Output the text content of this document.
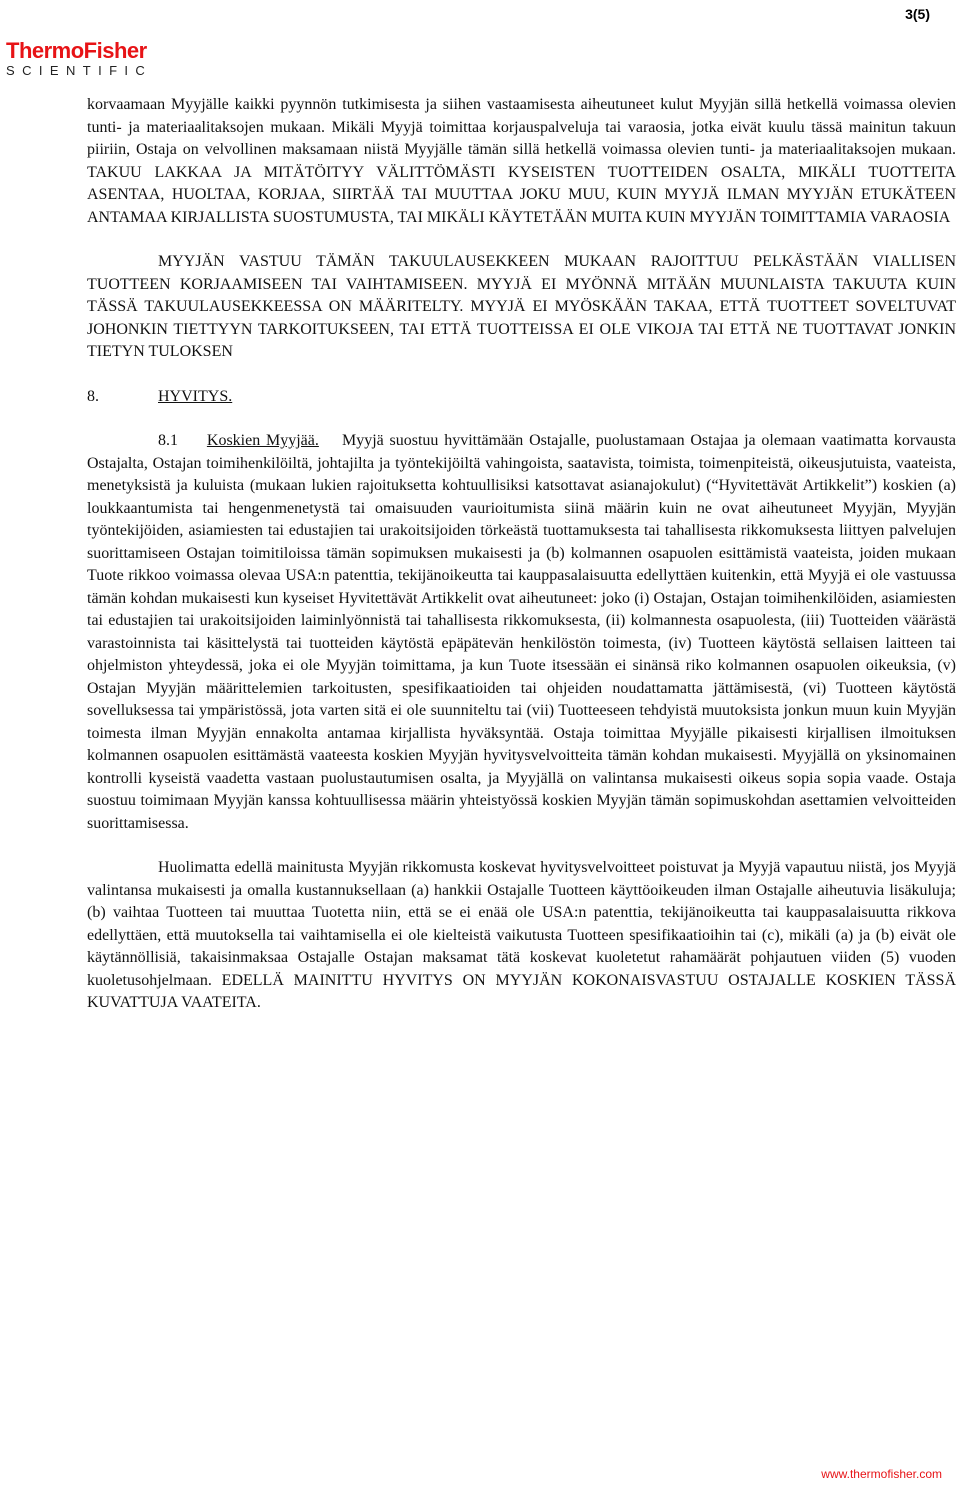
3(5)
ThermoFisher
SCIENTIFIC

korvaamaan Myyjälle kaikki pyynnön tutkimisesta ja siihen vastaamisesta aiheutuneet kulut Myyjän sillä hetkellä voimassa olevien tunti- ja materiaalitaksojen mukaan. Mikäli Myyjä toimittaa korjauspalveluja tai varaosia, jotka eivät kuulu tässä mainitun takuun piiriin, Ostaja on velvollinen maksamaan niistä Myyjälle tämän sillä hetkellä voimassa olevien tunti- ja materiaalitaksojen mukaan. TAKUU LAKKAA JA MITÄTÖITYY VÄLITTÖMÄSTI KYSEISTEN TUOTTEIDEN OSALTA, MIKÄLI TUOTTEITA ASENTAA, HUOLTAA, KORJAA, SIIRTÄÄ TAI MUUTTAA JOKU MUU, KUIN MYYJÄ ILMAN MYYJÄN ETUKÄTEEN ANTAMAA KIRJALLISTA SUOSTUMUSTA, TAI MIKÄLI KÄYTETÄÄN MUITA KUIN MYYJÄN TOIMITTAMIA VARAOSIA

MYYJÄN VASTUU TÄMÄN TAKUULAUSEKKEEN MUKAAN RAJOITTUU PELKÄSTÄÄN VIALLISEN TUOTTEEN KORJAAMISEEN TAI VAIHTAMISEEN. MYYJÄ EI MYÖNNÄ MITÄÄN MUUNLAISTA TAKUUTA KUIN TÄSSÄ TAKUULAUSEKKEESSA ON MÄÄRITELTY. MYYJÄ EI MYÖSKÄÄN TAKAA, ETTÄ TUOTTEET SOVELTUVAT JOHONKIN TIETTYYN TARKOITUKSEEN, TAI ETTÄ TUOTTEISSA EI OLE VIKOJA TAI ETTÄ NE TUOTTAVAT JONKIN TIETYN TULOKSEN

8.	HYVITYS.

8.1 Koskien Myyjää. Myyjä suostuu hyvittämään Ostajalle, puolustamaan Ostajaa ja olemaan vaatimatta korvausta Ostajalta, Ostajan toimihenkilöiltä, johtajilta ja työntekijöiltä vahingoista, saatavista, toimista, toimenpiteistä, oikeusjutuista, vaateista, menetyksistä ja kuluista (mukaan lukien rajoituksetta kohtuullisiksi katsottavat asianajokulut) (“Hyvitettävät Artikkelit”) koskien (a) loukkaantumista tai hengenmenetystä tai omaisuuden vaurioitumista siinä määrin kuin ne ovat aiheutuneet Myyjän, Myyjän työntekijöiden, asiamiesten tai edustajien tai urakoitsijoiden törkeästä tuottamuksesta tai tahallisesta rikkomuksesta liittyen palvelujen suorittamiseen Ostajan toimitiloissa tämän sopimuksen mukaisesti ja (b) kolmannen osapuolen esittämistä vaateista, joiden mukaan Tuote rikkoo voimassa olevaa USA:n patenttia, tekijänoikeutta tai kauppasalaisuutta edellyttäen kuitenkin, että Myyjä ei ole vastuussa tämän kohdan mukaisesti kun kyseiset Hyvitettävät Artikkelit ovat aiheutuneet: joko (i) Ostajan, Ostajan toimihenkilöiden, asiamiesten tai edustajien tai urakoitsijoiden laiminlyönnistä tai tahallisesta rikkomuksesta, (ii) kolmannesta osapuolesta, (iii) Tuotteiden väärästä varastoinnista tai käsittelystä tai tuotteiden käytöstä epäpätevän henkilöstön toimesta, (iv) Tuotteen käytöstä sellaisen laitteen tai ohjelmiston yhteydessä, joka ei ole Myyjän toimittama, ja kun Tuote itsessään ei sinänsä riko kolmannen osapuolen oikeuksia, (v) Ostajan Myyjän määrittelemien tarkoitusten, spesifikaatioiden tai ohjeiden noudattamatta jättämisestä, (vi) Tuotteen käytöstä sovelluksessa tai ympäristössä, jota varten sitä ei ole suunniteltu tai (vii) Tuotteeseen tehdyistä muutoksista jonkun muun kuin Myyjän toimesta ilman Myyjän ennakolta antamaa kirjallista hyväksyntää. Ostaja toimittaa Myyjälle pikaisesti kirjallisen ilmoituksen kolmannen osapuolen esittämästä vaateesta koskien Myyjän hyvitysvelvoitteita tämän kohdan mukaisesti. Myyjällä on yksinomainen kontrolli kyseistä vaadetta vastaan puolustautumisen osalta, ja Myyjällä on valintansa mukaisesti oikeus sopia sopia vaade. Ostaja suostuu toimimaan Myyjän kanssa kohtuullisessa määrin yhteistyössä koskien Myyjän tämän sopimuskohdan asettamien velvoitteiden suorittamisessa.

Huolimatta edellä mainitusta Myyjän rikkomusta koskevat hyvitysvelvoitteet poistuvat ja Myyjä vapautuu niistä, jos Myyjä valintansa mukaisesti ja omalla kustannuksellaan (a) hankkii Ostajalle Tuotteen käyttöoikeuden ilman Ostajalle aiheutuvia lisäkuluja; (b) vaihtaa Tuotteen tai muuttaa Tuotetta niin, että se ei enää ole USA:n patenttia, tekijänoikeutta tai kauppasalaisuutta rikkova edellyttäen, että muutoksella tai vaihtamisella ei ole kielteistä vaikutusta Tuotteen spesifikaatioihin tai (c), mikäli (a) ja (b) eivät ole käytännöllisiä, takaisinmaksaa Ostajalle Ostajan maksamat tätä koskevat kuoletetut rahamäärät pohjautuen viiden (5) vuoden kuoletusohjelmaan. EDELLÄ MAINITTU HYVITYS ON MYYJÄN KOKONAISVASTUU OSTAJALLE KOSKIEN TÄSSÄ KUVATTUJA VAATEITA.

www.thermofisher.com
